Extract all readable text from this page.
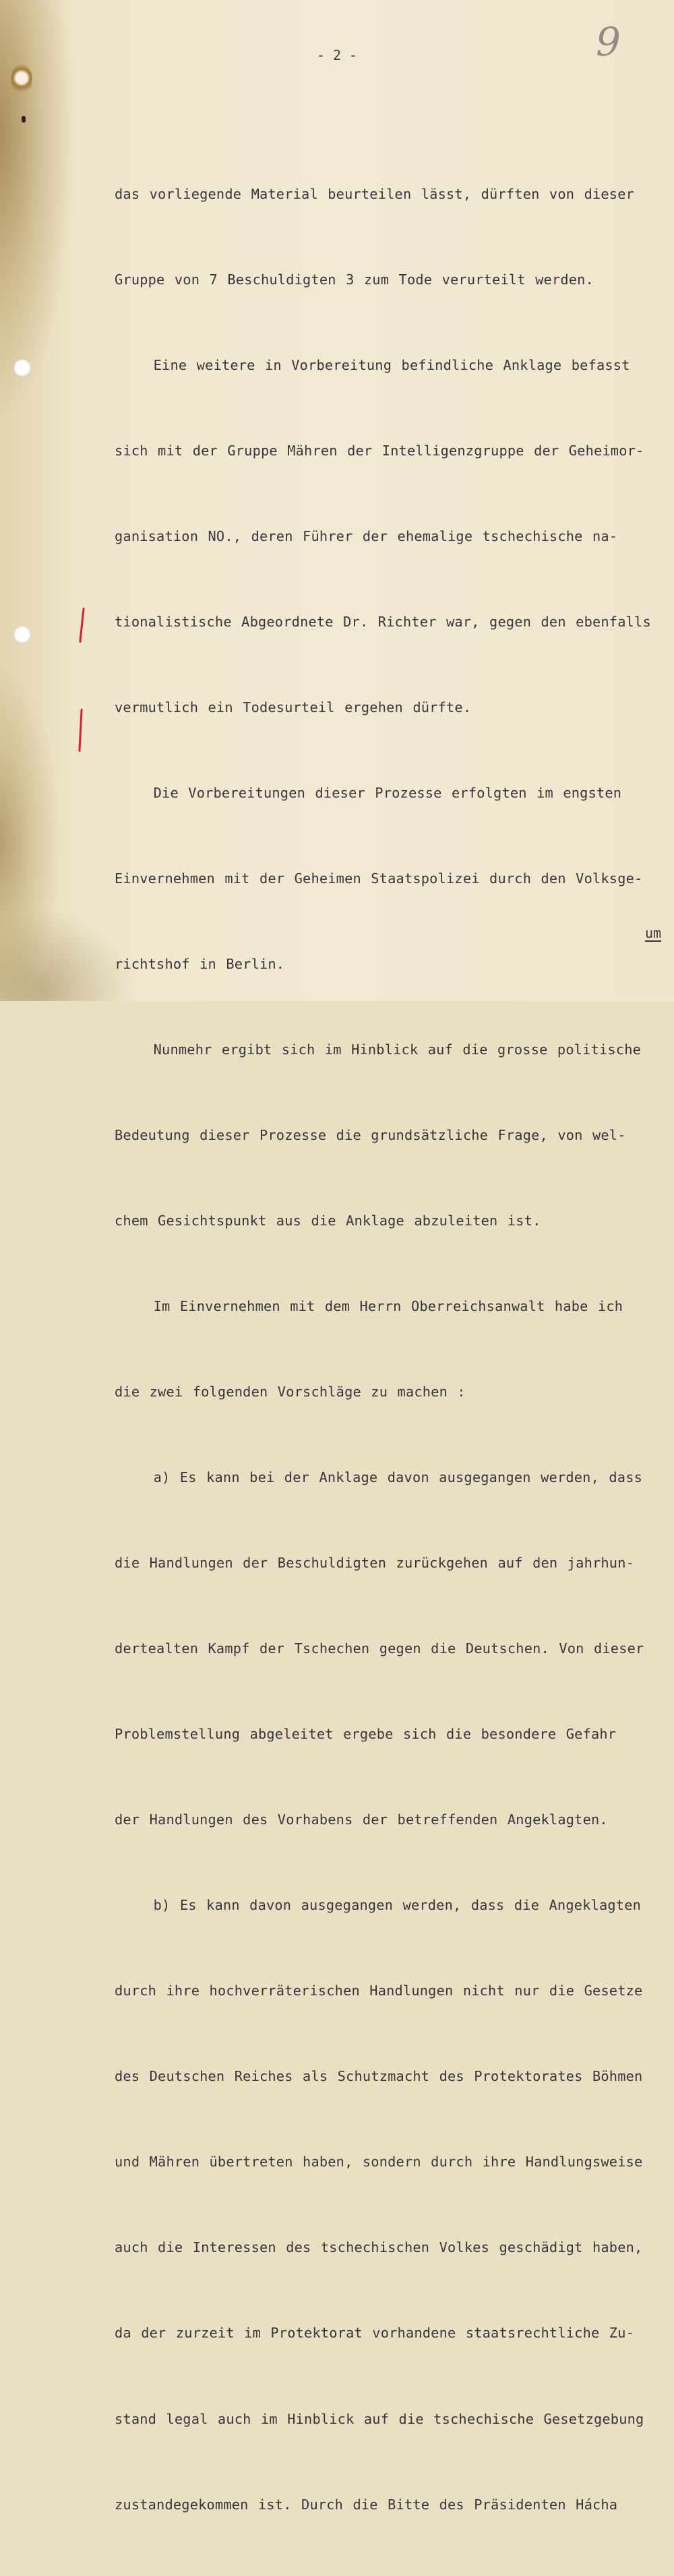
9
- 2 -

das vorliegende Material beurteilen lässt, dürften von dieser

Gruppe von 7 Beschuldigten 3 zum Tode verurteilt werden.

Eine weitere in Vorbereitung befindliche Anklage befasst

sich mit der Gruppe Mähren der Intelligenzgruppe der Geheimor-

ganisation NO., deren Führer der ehemalige tschechische na-

tionalistische Abgeordnete Dr. Richter war, gegen den ebenfalls

vermutlich ein Todesurteil ergehen dürfte.

Die Vorbereitungen dieser Prozesse erfolgten im engsten

Einvernehmen mit der Geheimen Staatspolizei durch den Volksge-

richtshof in Berlin.

Nunmehr ergibt sich im Hinblick auf die grosse politische

Bedeutung dieser Prozesse die grundsätzliche Frage, von wel-

chem Gesichtspunkt aus die Anklage abzuleiten ist.

Im Einvernehmen mit dem Herrn Oberreichsanwalt habe ich

die zwei folgenden Vorschläge zu machen :

a) Es kann bei der Anklage davon ausgegangen werden, dass

die Handlungen der Beschuldigten zurückgehen auf den jahrhun-

dertealten Kampf der Tschechen gegen die Deutschen. Von dieser

Problemstellung abgeleitet ergebe sich die besondere Gefahr

der Handlungen des Vorhabens der betreffenden Angeklagten.

b) Es kann davon ausgegangen werden, dass die Angeklagten

durch ihre hochverräterischen Handlungen nicht nur die Gesetze

des Deutschen Reiches als Schutzmacht des Protektorates Böhmen

und Mähren übertreten haben, sondern durch ihre Handlungsweise

auch die Interessen des tschechischen Volkes geschädigt haben,

da der zurzeit im Protektorat vorhandene staatsrechtliche Zu-

stand legal auch im Hinblick auf die tschechische Gesetzgebung

zustandegekommen ist. Durch die Bitte des Präsidenten Hácha

um
